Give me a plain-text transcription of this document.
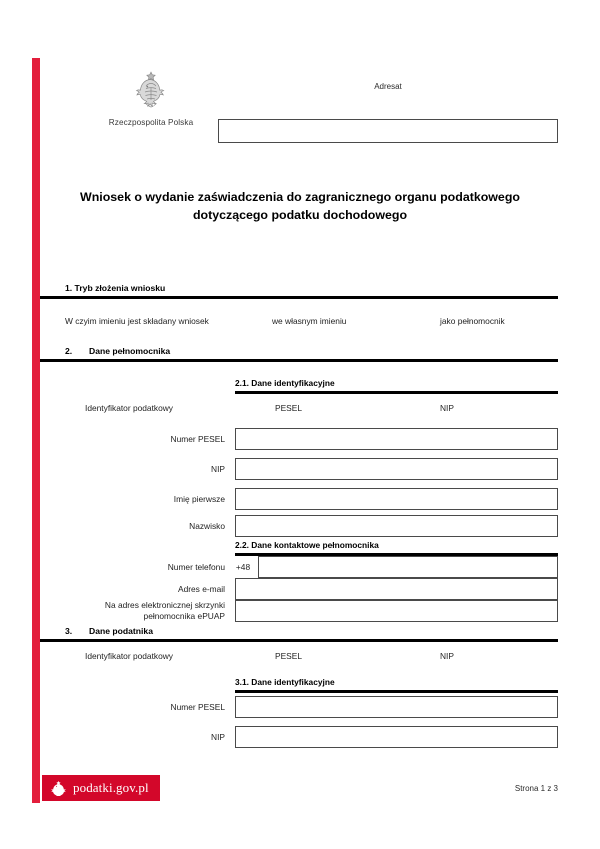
Rzeczpospolita Polska
Adresat
Wniosek o wydanie zaświadczenia do zagranicznego organu podatkowego dotyczącego podatku dochodowego
1. Tryb złożenia wniosku
W czyim imieniu jest składany wniosek	we własnym imieniu	jako pełnomocnik
2. Dane pełnomocnika
2.1. Dane identyfikacyjne
Identyfikator podatkowy	PESEL	NIP
Numer PESEL
NIP
Imię pierwsze
Nazwisko
2.2. Dane kontaktowe pełnomocnika
Numer telefonu	+48
Adres e-mail
Na adres elektronicznej skrzynki
pełnomocnika ePUAP
3. Dane podatnika
Identyfikator podatkowy	PESEL	NIP
3.1. Dane identyfikacyjne
Numer PESEL
NIP
podatki.gov.pl	Strona 1 z 3
